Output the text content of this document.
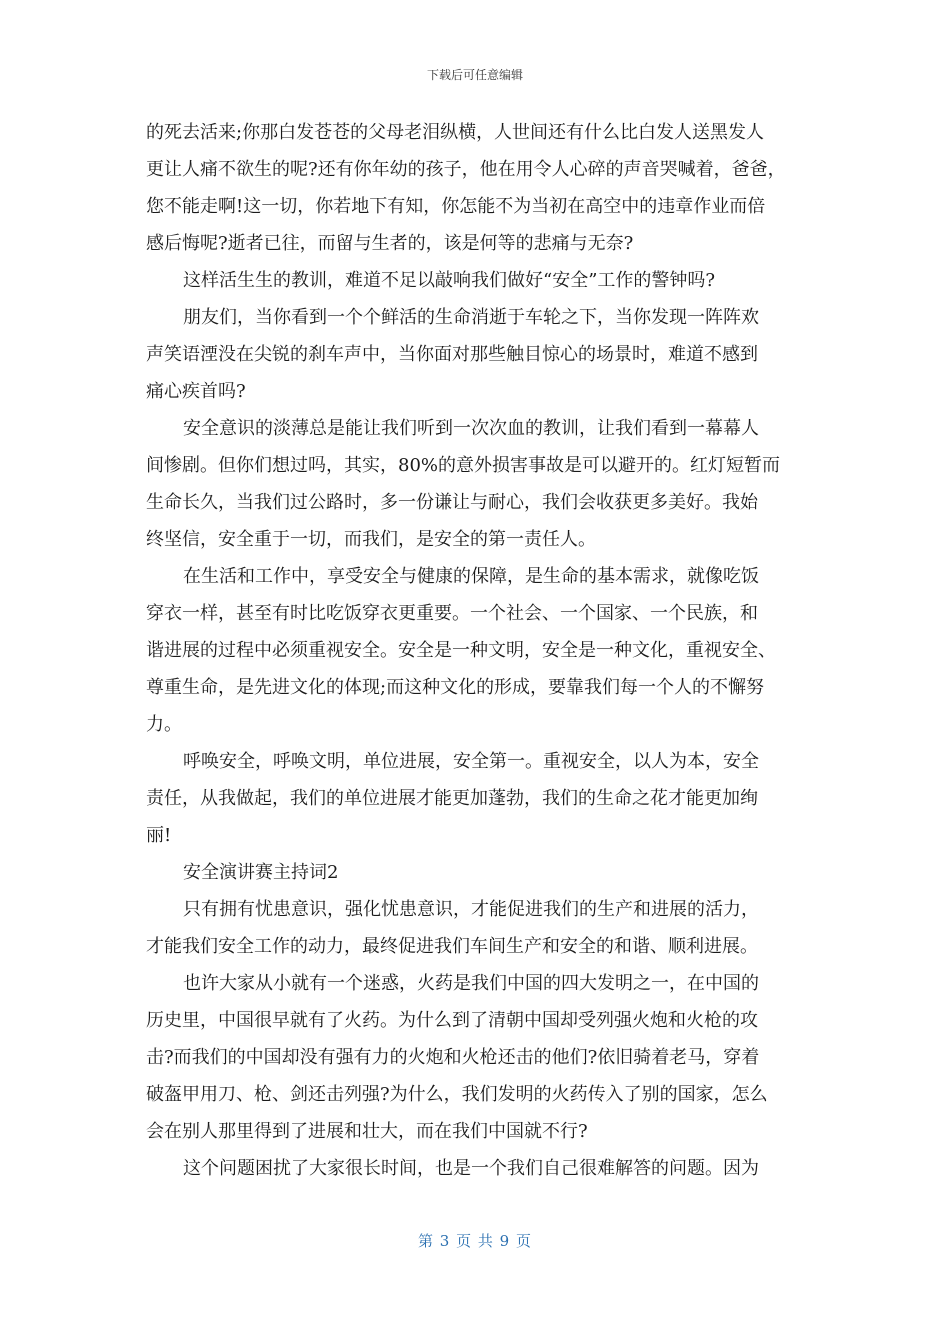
下载后可任意编辑
的死去活来;你那白发苍苍的父母老泪纵横，人世间还有什么比白发人送黑发人
更让人痛不欲生的呢?还有你年幼的孩子，他在用令人心碎的声音哭喊着，爸爸，
您不能走啊!这一切，你若地下有知，你怎能不为当初在高空中的违章作业而倍
感后悔呢?逝者已往，而留与生者的，该是何等的悲痛与无奈?
这样活生生的教训，难道不足以敲响我们做好“安全”工作的警钟吗?
朋友们，当你看到一个个鲜活的生命消逝于车轮之下，当你发现一阵阵欢
声笑语湮没在尖锐的刹车声中，当你面对那些触目惊心的场景时，难道不感到
痛心疾首吗?
安全意识的淡薄总是能让我们听到一次次血的教训，让我们看到一幕幕人
间惨剧。但你们想过吗，其实，80%的意外损害事故是可以避开的。红灯短暂而
生命长久，当我们过公路时，多一份谦让与耐心，我们会收获更多美好。我始
终坚信，安全重于一切，而我们，是安全的第一责任人。
在生活和工作中，享受安全与健康的保障，是生命的基本需求，就像吃饭
穿衣一样，甚至有时比吃饭穿衣更重要。一个社会、一个国家、一个民族，和
谐进展的过程中必须重视安全。安全是一种文明，安全是一种文化，重视安全、
尊重生命，是先进文化的体现;而这种文化的形成，要靠我们每一个人的不懈努
力。
呼唤安全，呼唤文明，单位进展，安全第一。重视安全，以人为本，安全
责任，从我做起，我们的单位进展才能更加蓬勃，我们的生命之花才能更加绚
丽!
安全演讲赛主持词2
只有拥有忧患意识，强化忧患意识，才能促进我们的生产和进展的活力，
才能我们安全工作的动力，最终促进我们车间生产和安全的和谐、顺利进展。
也许大家从小就有一个迷惑，火药是我们中国的四大发明之一，在中国的
历史里，中国很早就有了火药。为什么到了清朝中国却受列强火炮和火枪的攻
击?而我们的中国却没有强有力的火炮和火枪还击的他们?依旧骑着老马，穿着
破盔甲用刀、枪、剑还击列强?为什么，我们发明的火药传入了别的国家，怎么
会在别人那里得到了进展和壮大，而在我们中国就不行?
这个问题困扰了大家很长时间，也是一个我们自己很难解答的问题。因为
第 3 页 共 9 页
